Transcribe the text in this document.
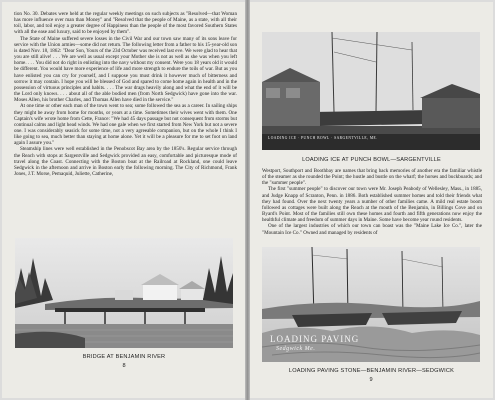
tion No. 30. Debates were held at the regular weekly meetings on such subjects as "Resolved—that Woman has more influence over man than Money" and "Resolved that the people of Maine, as a state, with all their toil, labor, and toil enjoy a greater degree of Happiness than the people of the most favored Southern States with all the ease and luxury, said to be enjoyed by them".

The State of Maine suffered severe losses in the Civil War and our town saw many of its sons leave for service with the Union armies—some did not return. The following letter from a father to his 15-year-old son is dated Nov. 18, 1862: "Dear Son, Yours of the 23d October was received last eve. We were glad to hear that you are still alive! . . . We are well as usual except your Mother she is not as well as she was when you left home. . . . You did not do right in enlisting into the navy without my consent. Were you 18 years old it would be different. You would have more experience of life and more strength to endure the toils of war. But as you have enlisted you can cry for yourself, and I suppose you must drink it however much of bitterness and sorrow it may contain. I hope you will be blessed of God and spared to come home again in health and in the possession of virtuous principles and habits. . . . The war drags heavily along and what the end of it will be the Lord only knows. . . . about all of the able bodied men (from North Sedgwick) have gone into the war. Moses Allen, his brother Charles, and Thomas Allen have died in the service."

At one time or other each man of the town went to sea; some followed the sea as a career. In sailing ships they might be away from home for months, or years at a time. Sometimes their wives went with them. One Captain's wife wrote home from Cette, France: "We had 45 days passage but not consequent from storms but continual calms and light head winds. We had one gale when we first started from New York but not a severe one. I was considerably seasick for some time, not a very agreeable companion, but on the whole I think I like going to sea, much better than staying at home alone. Yet it will be a pleasure for me to set foot on land again I assure you."

Steamship lines were well established in the Penobscot Bay area by the 1850's. Regular service through the Reach with stops at Sargentville and Sedgwick provided an easy, comfortable and picturesque mode of travel along the Coast. Connecting with the Boston boat at the Railroad at Rockland, one could leave Sedgwick in the afternoon and arrive in Boston early the following morning. The City of Richmond, Frank Jones, J.T. Morse, Pemaquid, Juliette, Catherine,

BRIDGE AT BENJAMIN RIVER
8
LOADING ICE · PUNCH BOWL · SARGENTVILLE, ME.
LOADING ICE AT PUNCH BOWL—SARGENTVILLE

Westport, Southport and Boothbay are names that bring back memories of another era the familiar whistle of the steamer as she rounded the Point; the hustle and bustle on the wharf; the horses and buckboards; and the "summer people".

The first "summer people" to discover our town were Mr. Joseph Peabody of Wellesley, Mass., in 1885, and Judge Knapp of Scranton, Penn. in 1886. Both established summer homes and told their friends what they had found. Over the next twenty years a number of other families came. A mild real estate boom followed as cottages were built along the Reach at the mouth of the Benjamin, in Billings Cove and on Byard's Point. Most of the families still own these homes and fourth and fifth generations now enjoy the healthful climate and freedom of summer days in Maine. Some have become year round residents.

One of the largest industries of which our town can boast was the "Maine Lake Ice Co.", later the "Mountain Ice Co." Owned and managed by residents of

LOADING PAVING
Sedgwick Me.
LOADING PAVING STONE—BENJAMIN RIVER—SEDGWICK
9
